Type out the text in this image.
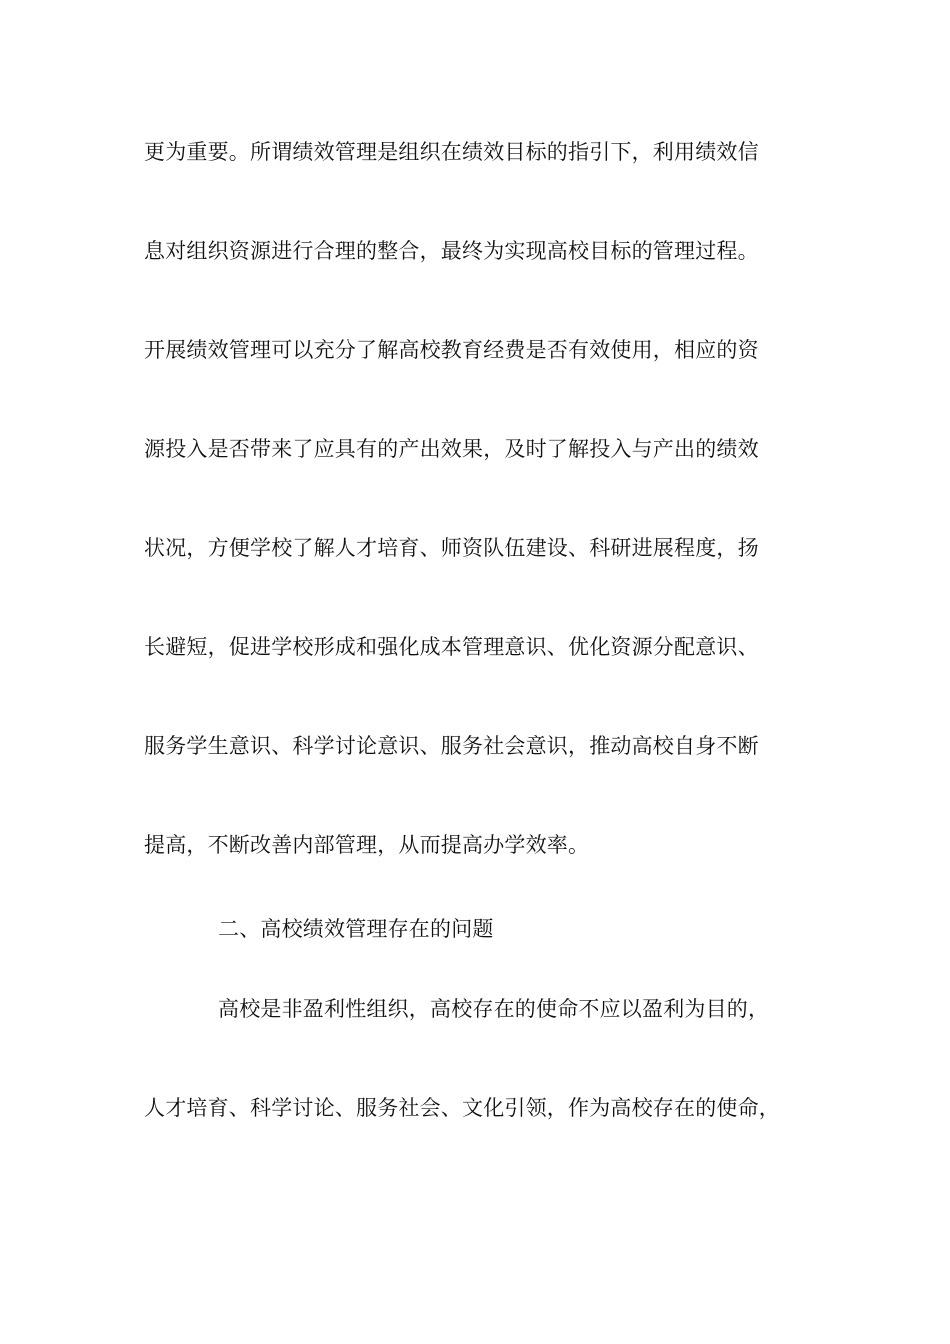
更为重要。所谓绩效管理是组织在绩效目标的指引下，利用绩效信
息对组织资源进行合理的整合，最终为实现高校目标的管理过程。
开展绩效管理可以充分了解高校教育经费是否有效使用，相应的资
源投入是否带来了应具有的产出效果，及时了解投入与产出的绩效
状况，方便学校了解人才培育、师资队伍建设、科研进展程度，扬
长避短，促进学校形成和强化成本管理意识、优化资源分配意识、
服务学生意识、科学讨论意识、服务社会意识，推动高校自身不断
提高，不断改善内部管理，从而提高办学效率。
二、高校绩效管理存在的问题
高校是非盈利性组织，高校存在的使命不应以盈利为目的，
人才培育、科学讨论、服务社会、文化引领，作为高校存在的使命，
